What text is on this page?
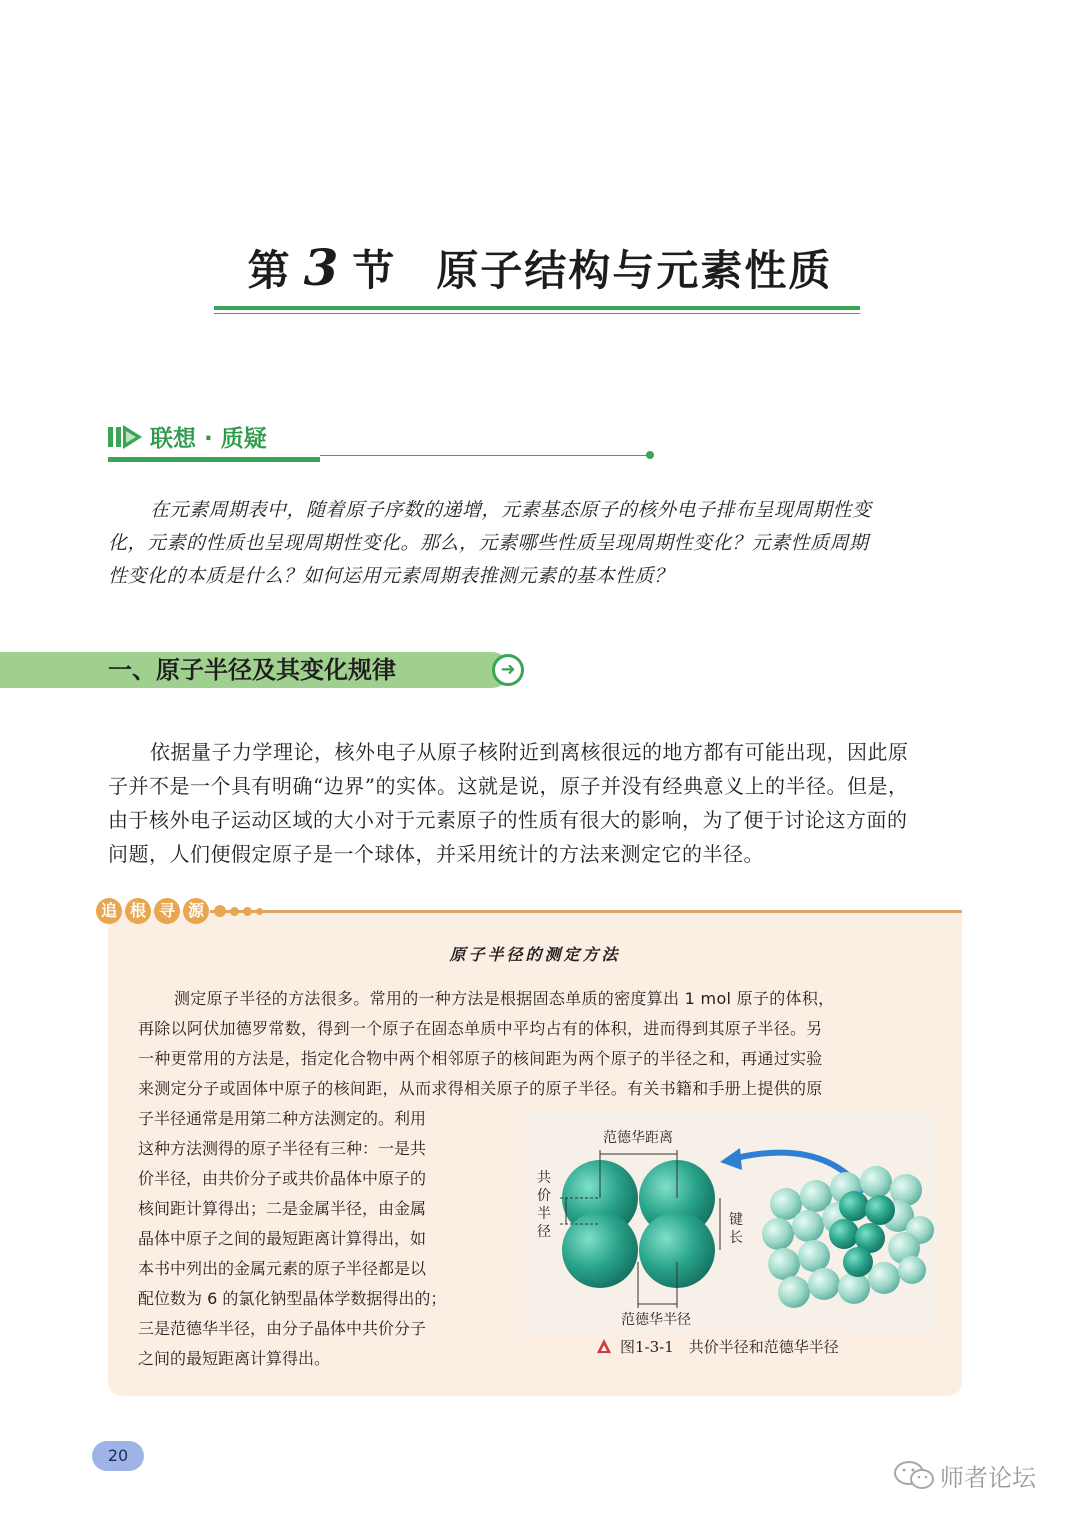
第 3 节 原子结构与元素性质
联想 · 质疑
在元素周期表中，随着原子序数的递增，元素基态原子的核外电子排布呈现周期性变
化，元素的性质也呈现周期性变化。那么，元素哪些性质呈现周期性变化？元素性质周期
性变化的本质是什么？如何运用元素周期表推测元素的基本性质？
一、原子半径及其变化规律	➜
依据量子力学理论，核外电子从原子核附近到离核很远的地方都有可能出现，因此原
子并不是一个具有明确“边界”的实体。这就是说，原子并没有经典意义上的半径。但是，
由于核外电子运动区域的大小对于元素原子的性质有很大的影响，为了便于讨论这方面的
问题，人们便假定原子是一个球体，并采用统计的方法来测定它的半径。
追 根 寻 源
原子半径的测定方法
测定原子半径的方法很多。常用的一种方法是根据固态单质的密度算出 1 mol 原子的体积，
再除以阿伏加德罗常数，得到一个原子在固态单质中平均占有的体积，进而得到其原子半径。另
一种更常用的方法是，指定化合物中两个相邻原子的核间距为两个原子的半径之和，再通过实验
来测定分子或固体中原子的核间距，从而求得相关原子的原子半径。有关书籍和手册上提供的原
子半径通常是用第二种方法测定的。利用
这种方法测得的原子半径有三种：一是共
价半径，由共价分子或共价晶体中原子的
核间距计算得出；二是金属半径，由金属
晶体中原子之间的最短距离计算得出，如
本书中列出的金属元素的原子半径都是以
配位数为 6 的氯化钠型晶体学数据得出的；
三是范德华半径，由分子晶体中共价分子
之间的最短距离计算得出。
范德华距离
共
价
半
径
键
长
范德华半径
图1-3-1　共价半径和范德华半径
20
师者论坛
